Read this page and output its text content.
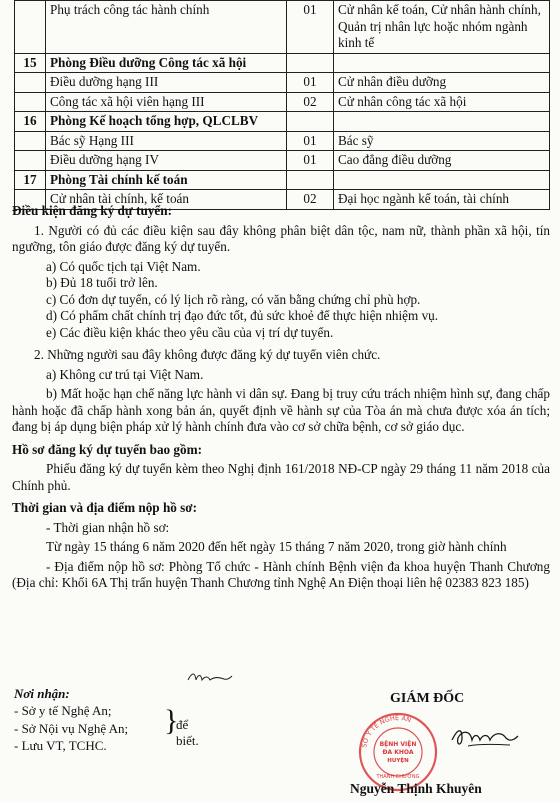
	Phụ trách công tác hành chính	01	Cử nhân kế toán, Cử nhân hành chính, Quản trị nhân lực hoặc nhóm ngành kinh tế
15	Phòng Điều dưỡng Công tác xã hội		
	Điều dưỡng hạng III	01	Cử nhân điều dưỡng
	Công tác xã hội viên hạng III	02	Cử nhân công tác xã hội
16	Phòng Kế hoạch tổng hợp, QLCLBV		
	Bác sỹ Hạng III	01	Bác sỹ
	Điều dưỡng hạng IV	01	Cao đẳng điều dưỡng
17	Phòng Tài chính kế toán		
	Cử nhân tài chính, kế toán	02	Đại học ngành kế toán, tài chính

Điều kiện đăng ký dự tuyển:

1. Người có đủ các điều kiện sau đây không phân biệt dân tộc, nam nữ, thành phần xã hội, tín ngưỡng, tôn giáo được đăng ký dự tuyển.

a) Có quốc tịch tại Việt Nam.

b) Đủ 18 tuổi trở lên.

c) Có đơn dự tuyển, có lý lịch rõ ràng, có văn bằng chứng chỉ phù hợp.

d) Có phẩm chất chính trị đạo đức tốt, đủ sức khoẻ để thực hiện nhiệm vụ.

e) Các điều kiện khác theo yêu cầu của vị trí dự tuyển.

2. Những người sau đây không được đăng ký dự tuyển viên chức.

a) Không cư trú tại Việt Nam.

b) Mất hoặc hạn chế năng lực hành vi dân sự. Đang bị truy cứu trách nhiệm hình sự, đang chấp hành hoặc đã chấp hành xong bản án, quyết định về hành sự của Tòa án mà chưa được xóa án tích; đang bị áp dụng biện pháp xử lý hành chính đưa vào cơ sở chữa bệnh, cơ sở giáo dục.

Hồ sơ đăng ký dự tuyển bao gồm:

Phiếu đăng ký dự tuyển kèm theo Nghị định 161/2018 NĐ-CP ngày 29 tháng 11 năm 2018 của Chính phủ.

Thời gian và địa điểm nộp hồ sơ:

- Thời gian nhận hồ sơ:

Từ ngày 15 tháng 6 năm 2020 đến hết ngày 15 tháng 7 năm 2020, trong giờ hành chính

- Địa điểm nộp hồ sơ: Phòng Tổ chức - Hành chính Bệnh viện đa khoa huyện Thanh Chương (Địa chỉ: Khối 6A Thị trấn huyện Thanh Chương tỉnh Nghệ An Điện thoại liên hệ 02383 823 185)

Nơi nhận:
- Sở y tế Nghệ An;
- Sở Nội vụ Nghệ An;
- Lưu VT, TCHC.
}
để biết.	SỞ Y TẾ NGHỆ AN
BỆNH VIỆN
ĐA KHOA
HUYỆN
THANH CHƯƠNG
GIÁM ĐỐC
Nguyễn Thịnh Khuyên
